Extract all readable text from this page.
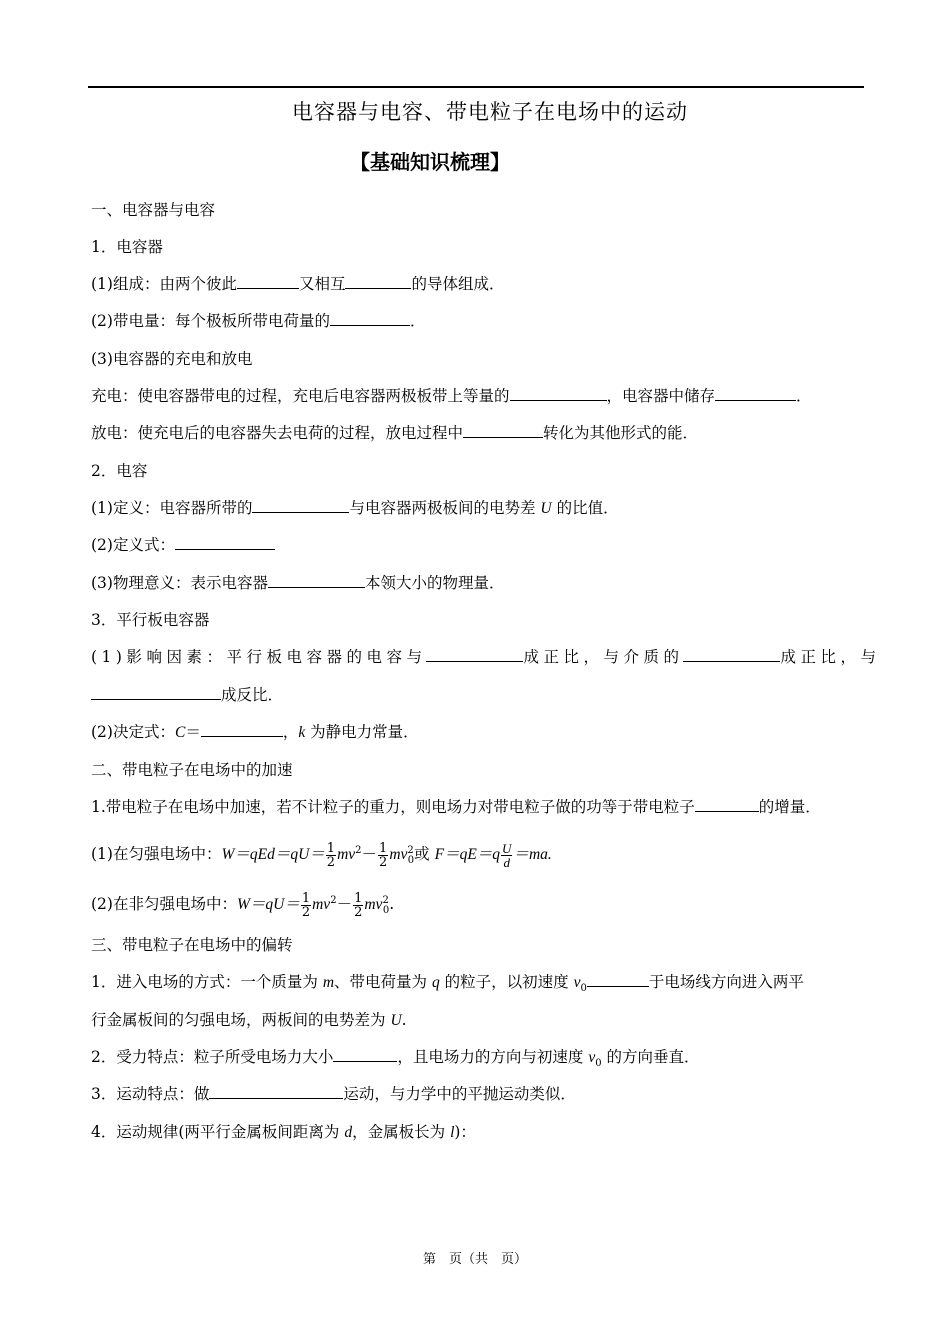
电容器与电容、带电粒子在电场中的运动
【基础知识梳理】
一、电容器与电容
1．电容器
(1)组成：由两个彼此	又相互	的导体组成．
(2)带电量：每个极板所带电荷量的	．
(3)电容器的充电和放电
充电：使电容器带电的过程，充电后电容器两极板带上等量的	，电容器中储存	．
放电：使充电后的电容器失去电荷的过程，放电过程中	转化为其他形式的能．
2．电容
(1)定义：电容器所带的	与电容器两极板间的电势差 U 的比值．
(2)定义式：
(3)物理意义：表示电容器	本领大小的物理量．
3．平行板电容器
(1)影响因素：平行板电容器的电容与	成正比，与介质的	成正比，与
成反比．
(2)决定式：C＝	，k 为静电力常量．
二、带电粒子在电场中的加速
1.带电粒子在电场中加速，若不计粒子的重力，则电场力对带电粒子做的功等于带电粒子	的增量．
(1)在匀强电场中：$W=qEd=qU= \frac{1}{2} mv^2- \frac{1}{2} mv^2_0$或 $F=qE=q \frac{U}{d} =ma$.
(2)在非匀强电场中：$W=qU= \frac{1}{2} mv^2- \frac{1}{2} mv^2_0$.
三、带电粒子在电场中的偏转
1．进入电场的方式：一个质量为 m、带电荷量为 q 的粒子，以初速度 $v_0$	于电场线方向进入两平
行金属板间的匀强电场，两板间的电势差为 U.
2．受力特点：粒子所受电场力大小	，且电场力的方向与初速度 $v_0$ 的方向垂直．
3．运动特点：做	运动，与力学中的平抛运动类似．
4．运动规律(两平行金属板间距离为 d，金属板长为 l)：
第　页（共　页）
